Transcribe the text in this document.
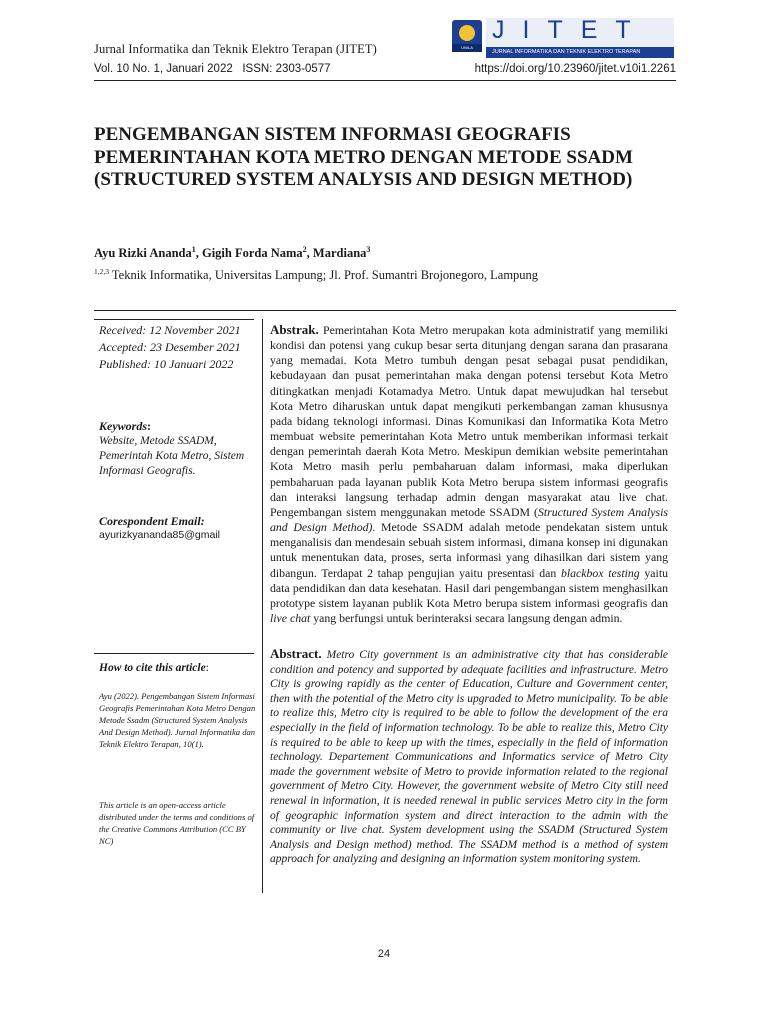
Jurnal Informatika dan Teknik Elektro Terapan (JITET)
Vol. 10 No. 1, Januari 2022 ISSN: 2303-0577	https://doi.org/10.23960/jitet.v10i1.2261
UNILA
JITET
JURNAL INFORMATIKA DAN TEKNIK ELEKTRO TERAPAN
PENGEMBANGAN SISTEM INFORMASI GEOGRAFIS PEMERINTAHAN KOTA METRO DENGAN METODE SSADM (STRUCTURED SYSTEM ANALYSIS AND DESIGN METHOD)
Ayu Rizki Ananda$^1$, Gigih Forda Nama$^2$, Mardiana$^3$
$^{1,2,3}$ Teknik Informatika, Universitas Lampung; Jl. Prof. Sumantri Brojonegoro, Lampung
Received: 12 November 2021
Accepted: 23 Desember 2021
Published: 10 Januari 2022
Keywords:
Website, Metode SSADM, Pemerintah Kota Metro, Sistem Informasi Geografis.
Corespondent Email:
ayurizkyananda85@gmail
How to cite this article:
Ayu (2022). Pengembangan Sistem Informasi Geografis Pemerintahan Kota Metro Dengan Metode Ssadm (Structured System Analysis And Design Method). Jurnal Informatika dan Teknik Elektro Terapan, 10(1).
This article is an open-access article distributed under the terms and conditions of the Creative Commons Attribution (CC BY NC)

Abstrak. Pemerintahan Kota Metro merupakan kota administratif yang memiliki kondisi dan potensi yang cukup besar serta ditunjang dengan sarana dan prasarana yang memadai. Kota Metro tumbuh dengan pesat sebagai pusat pendidikan, kebudayaan dan pusat pemerintahan maka dengan potensi tersebut Kota Metro ditingkatkan menjadi Kotamadya Metro. Untuk dapat mewujudkan hal tersebut Kota Metro diharuskan untuk dapat mengikuti perkembangan zaman khususnya pada bidang teknologi informasi. Dinas Komunikasi dan Informatika Kota Metro membuat website pemerintahan Kota Metro untuk memberikan informasi terkait dengan pemerintah daerah Kota Metro. Meskipun demikian website pemerintahan Kota Metro masih perlu pembaharuan dalam informasi, maka diperlukan pembaharuan pada layanan publik Kota Metro berupa sistem informasi geografis dan interaksi langsung terhadap admin dengan masyarakat atau live chat. Pengembangan sistem menggunakan metode SSADM (Structured System Analysis and Design Method). Metode SSADM adalah metode pendekatan sistem untuk menganalisis dan mendesain sebuah sistem informasi, dimana konsep ini digunakan untuk menentukan data, proses, serta informasi yang dihasilkan dari sistem yang dibangun. Terdapat 2 tahap pengujian yaitu presentasi dan blackbox testing yaitu data pendidikan dan data kesehatan. Hasil dari pengembangan sistem menghasilkan prototype sistem layanan publik Kota Metro berupa sistem informasi geografis dan live chat yang berfungsi untuk berinteraksi secara langsung dengan admin.

Abstract. Metro City government is an administrative city that has considerable condition and potency and supported by adequate facilities and infrastructure. Metro City is growing rapidly as the center of Education, Culture and Government center, then with the potential of the Metro city is upgraded to Metro municipality. To be able to realize this, Metro city is required to be able to follow the development of the era especially in the field of information technology. To be able to realize this, Metro City is required to be able to keep up with the times, especially in the field of information technology. Departement Communications and Informatics service of Metro City made the government website of Metro to provide information related to the regional government of Metro City. However, the government website of Metro City still need renewal in information, it is needed renewal in public services Metro city in the form of geographic information system and direct interaction to the admin with the community or live chat. System development using the SSADM (Structured System Analysis and Design method) method. The SSADM method is a method of system approach for analyzing and designing an information system monitoring system.

24
